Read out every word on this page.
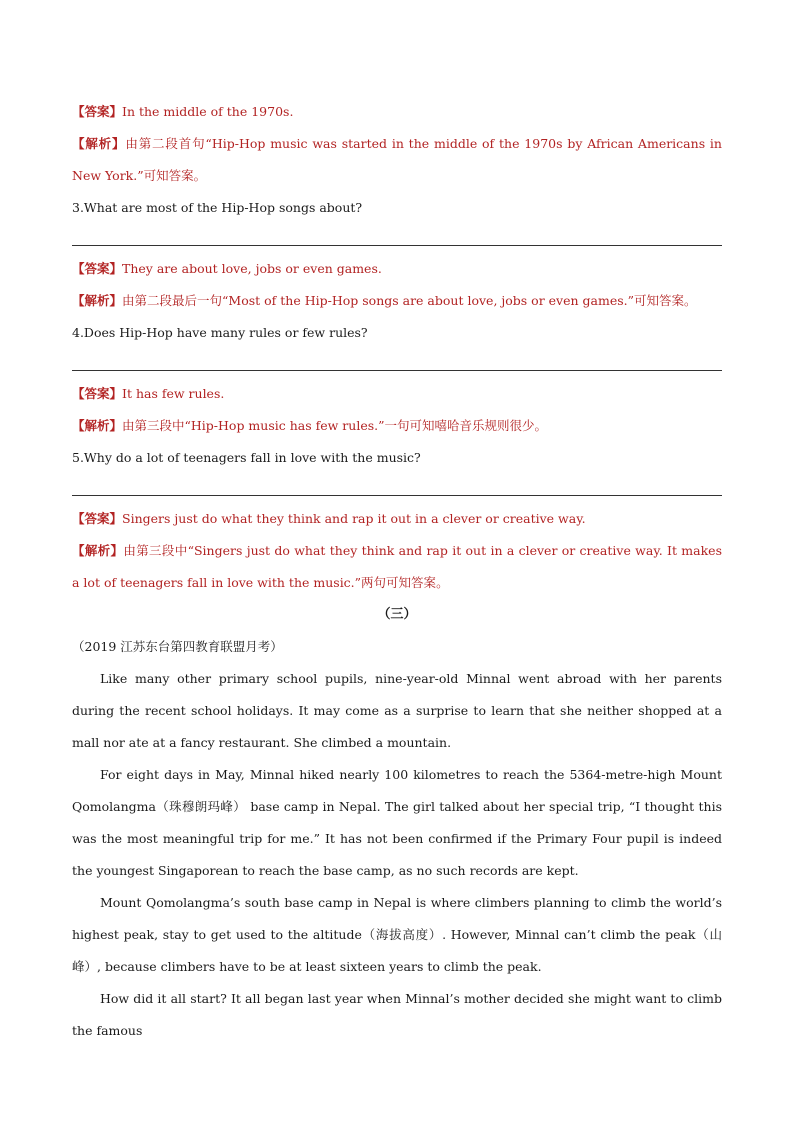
【答案】In the middle of the 1970s.
【解析】由第二段首句“Hip-Hop music was started in the middle of the 1970s by African Americans in New York.”可知答案。
3.What are most of the Hip-Hop songs about?
【答案】They are about love, jobs or even games.
【解析】由第二段最后一句“Most of the Hip-Hop songs are about love, jobs or even games.”可知答案。
4.Does Hip-Hop have many rules or few rules?
【答案】It has few rules.
【解析】由第三段中“Hip-Hop music has few rules.”一句可知嘻哈音乐规则很少。
5.Why do a lot of teenagers fall in love with the music?
【答案】Singers just do what they think and rap it out in a clever or creative way.
【解析】由第三段中“Singers just do what they think and rap it out in a clever or creative way. It makes a lot of teenagers fall in love with the music.”两句可知答案。
（三）
（2019 江苏东台第四教育联盟月考）
Like many other primary school pupils, nine-year-old Minnal went abroad with her parents during the recent school holidays. It may come as a surprise to learn that she neither shopped at a mall nor ate at a fancy restaurant. She climbed a mountain.
For eight days in May, Minnal hiked nearly 100 kilometres to reach the 5364-metre-high Mount Qomolangma（珠穆朗玛峰） base camp in Nepal. The girl talked about her special trip, “I thought this was the most meaningful trip for me.” It has not been confirmed if the Primary Four pupil is indeed the youngest Singaporean to reach the base camp, as no such records are kept.
Mount Qomolangma’s south base camp in Nepal is where climbers planning to climb the world’s highest peak, stay to get used to the altitude（海拔高度）. However, Minnal can’t climb the peak（山峰）, because climbers have to be at least sixteen years to climb the peak.
How did it all start? It all began last year when Minnal’s mother decided she might want to climb the famous
